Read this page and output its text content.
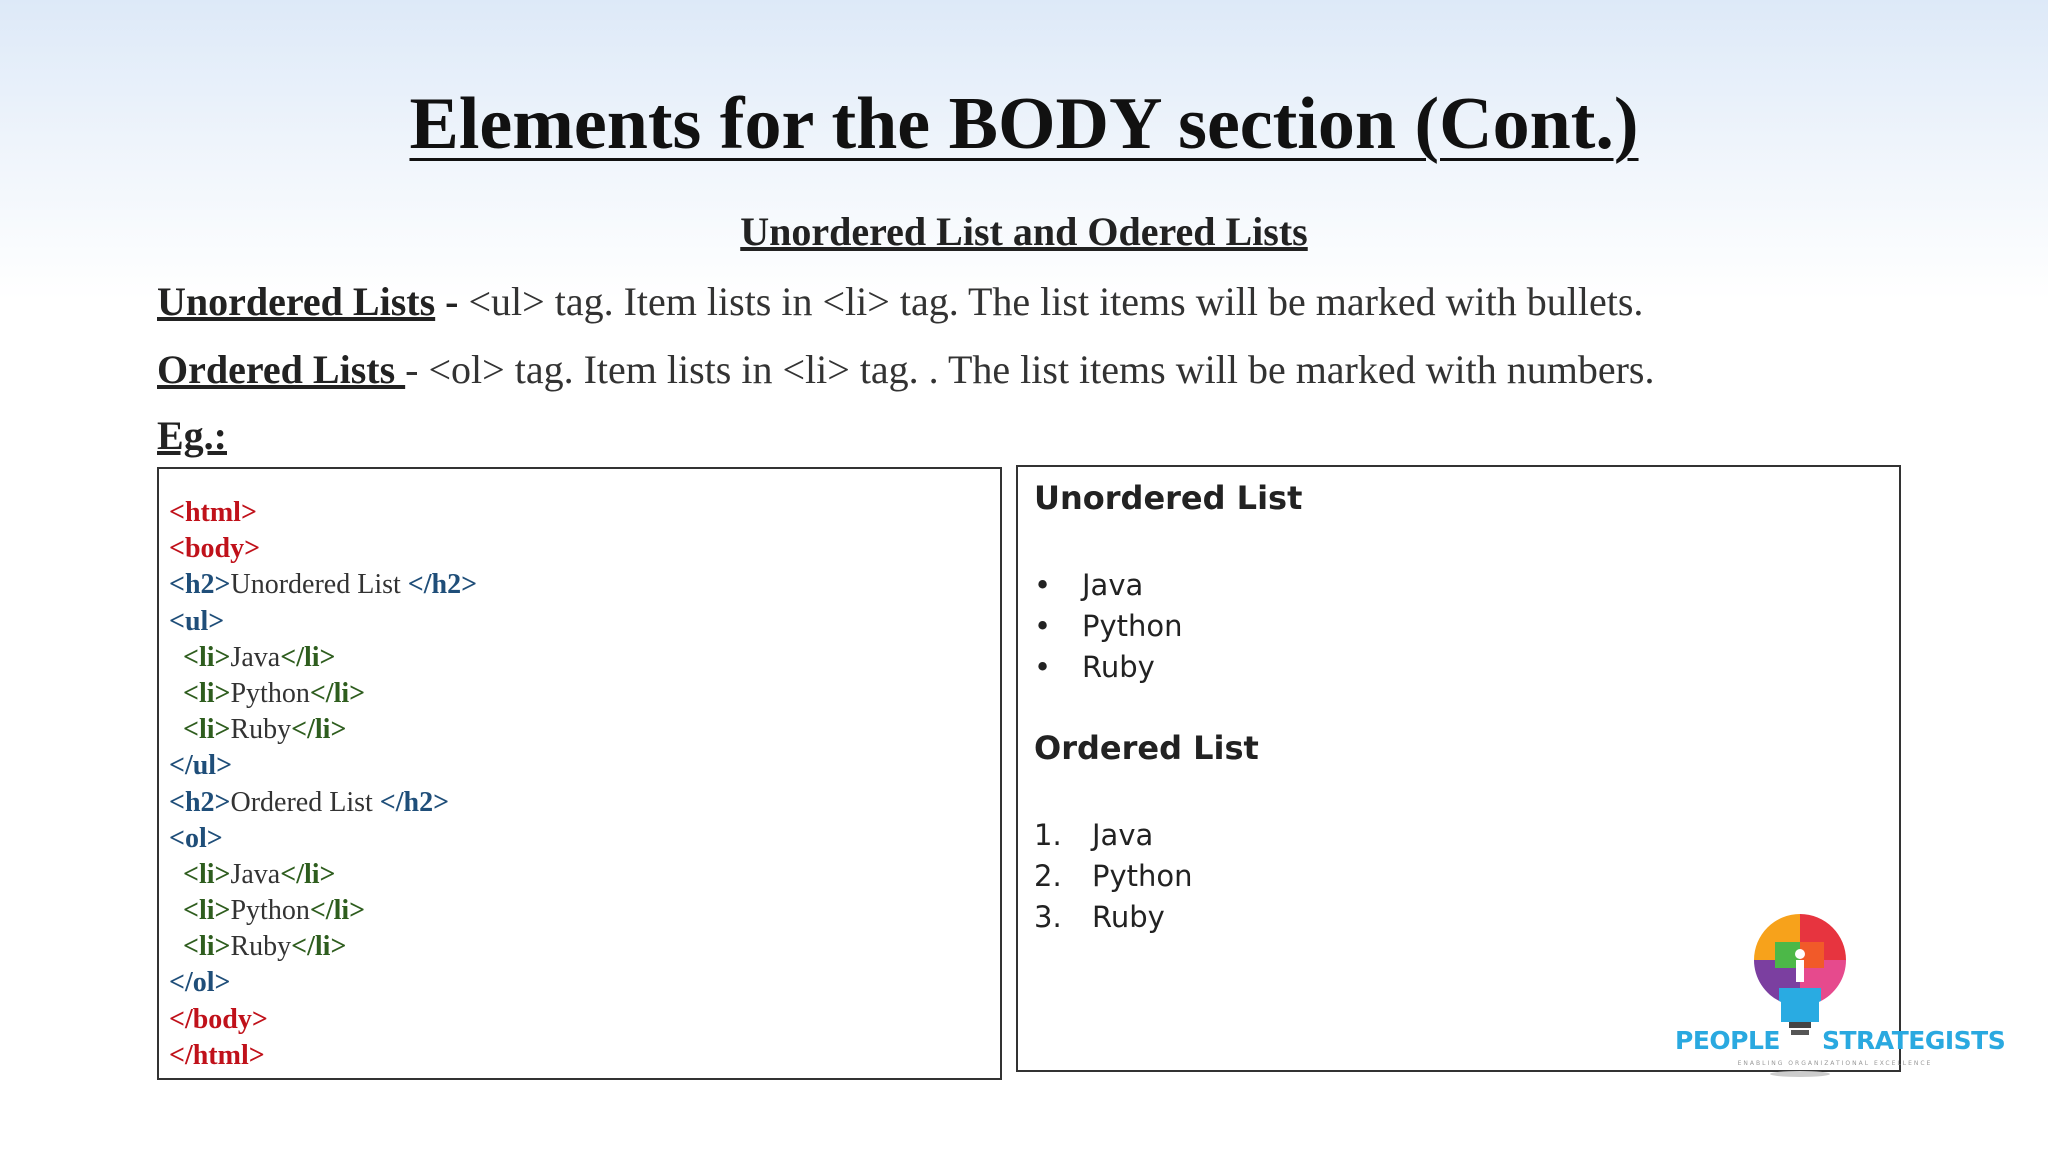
Elements for the BODY section (Cont.)
Unordered List and Odered Lists
Unordered Lists - <ul> tag. Item lists in <li> tag. The list items will be marked with bullets.
Ordered Lists - <ol> tag. Item lists in <li> tag. . The list items will be marked with numbers.
Eg.:
<html>
<body>
<h2>Unordered List </h2>
<ul>
<li>Java</li>
<li>Python</li>
<li>Ruby</li>
</ul>
<h2>Ordered List </h2>
<ol>
<li>Java</li>
<li>Python</li>
<li>Ruby</li>
</ol>
</body>
</html>
Unordered List
• Java
• Python
• Ruby
Ordered List
1. Java
2. Python
3. Ruby
PEOPLE STRATEGISTS
ENABLING ORGANIZATIONAL EXCELLENCE
